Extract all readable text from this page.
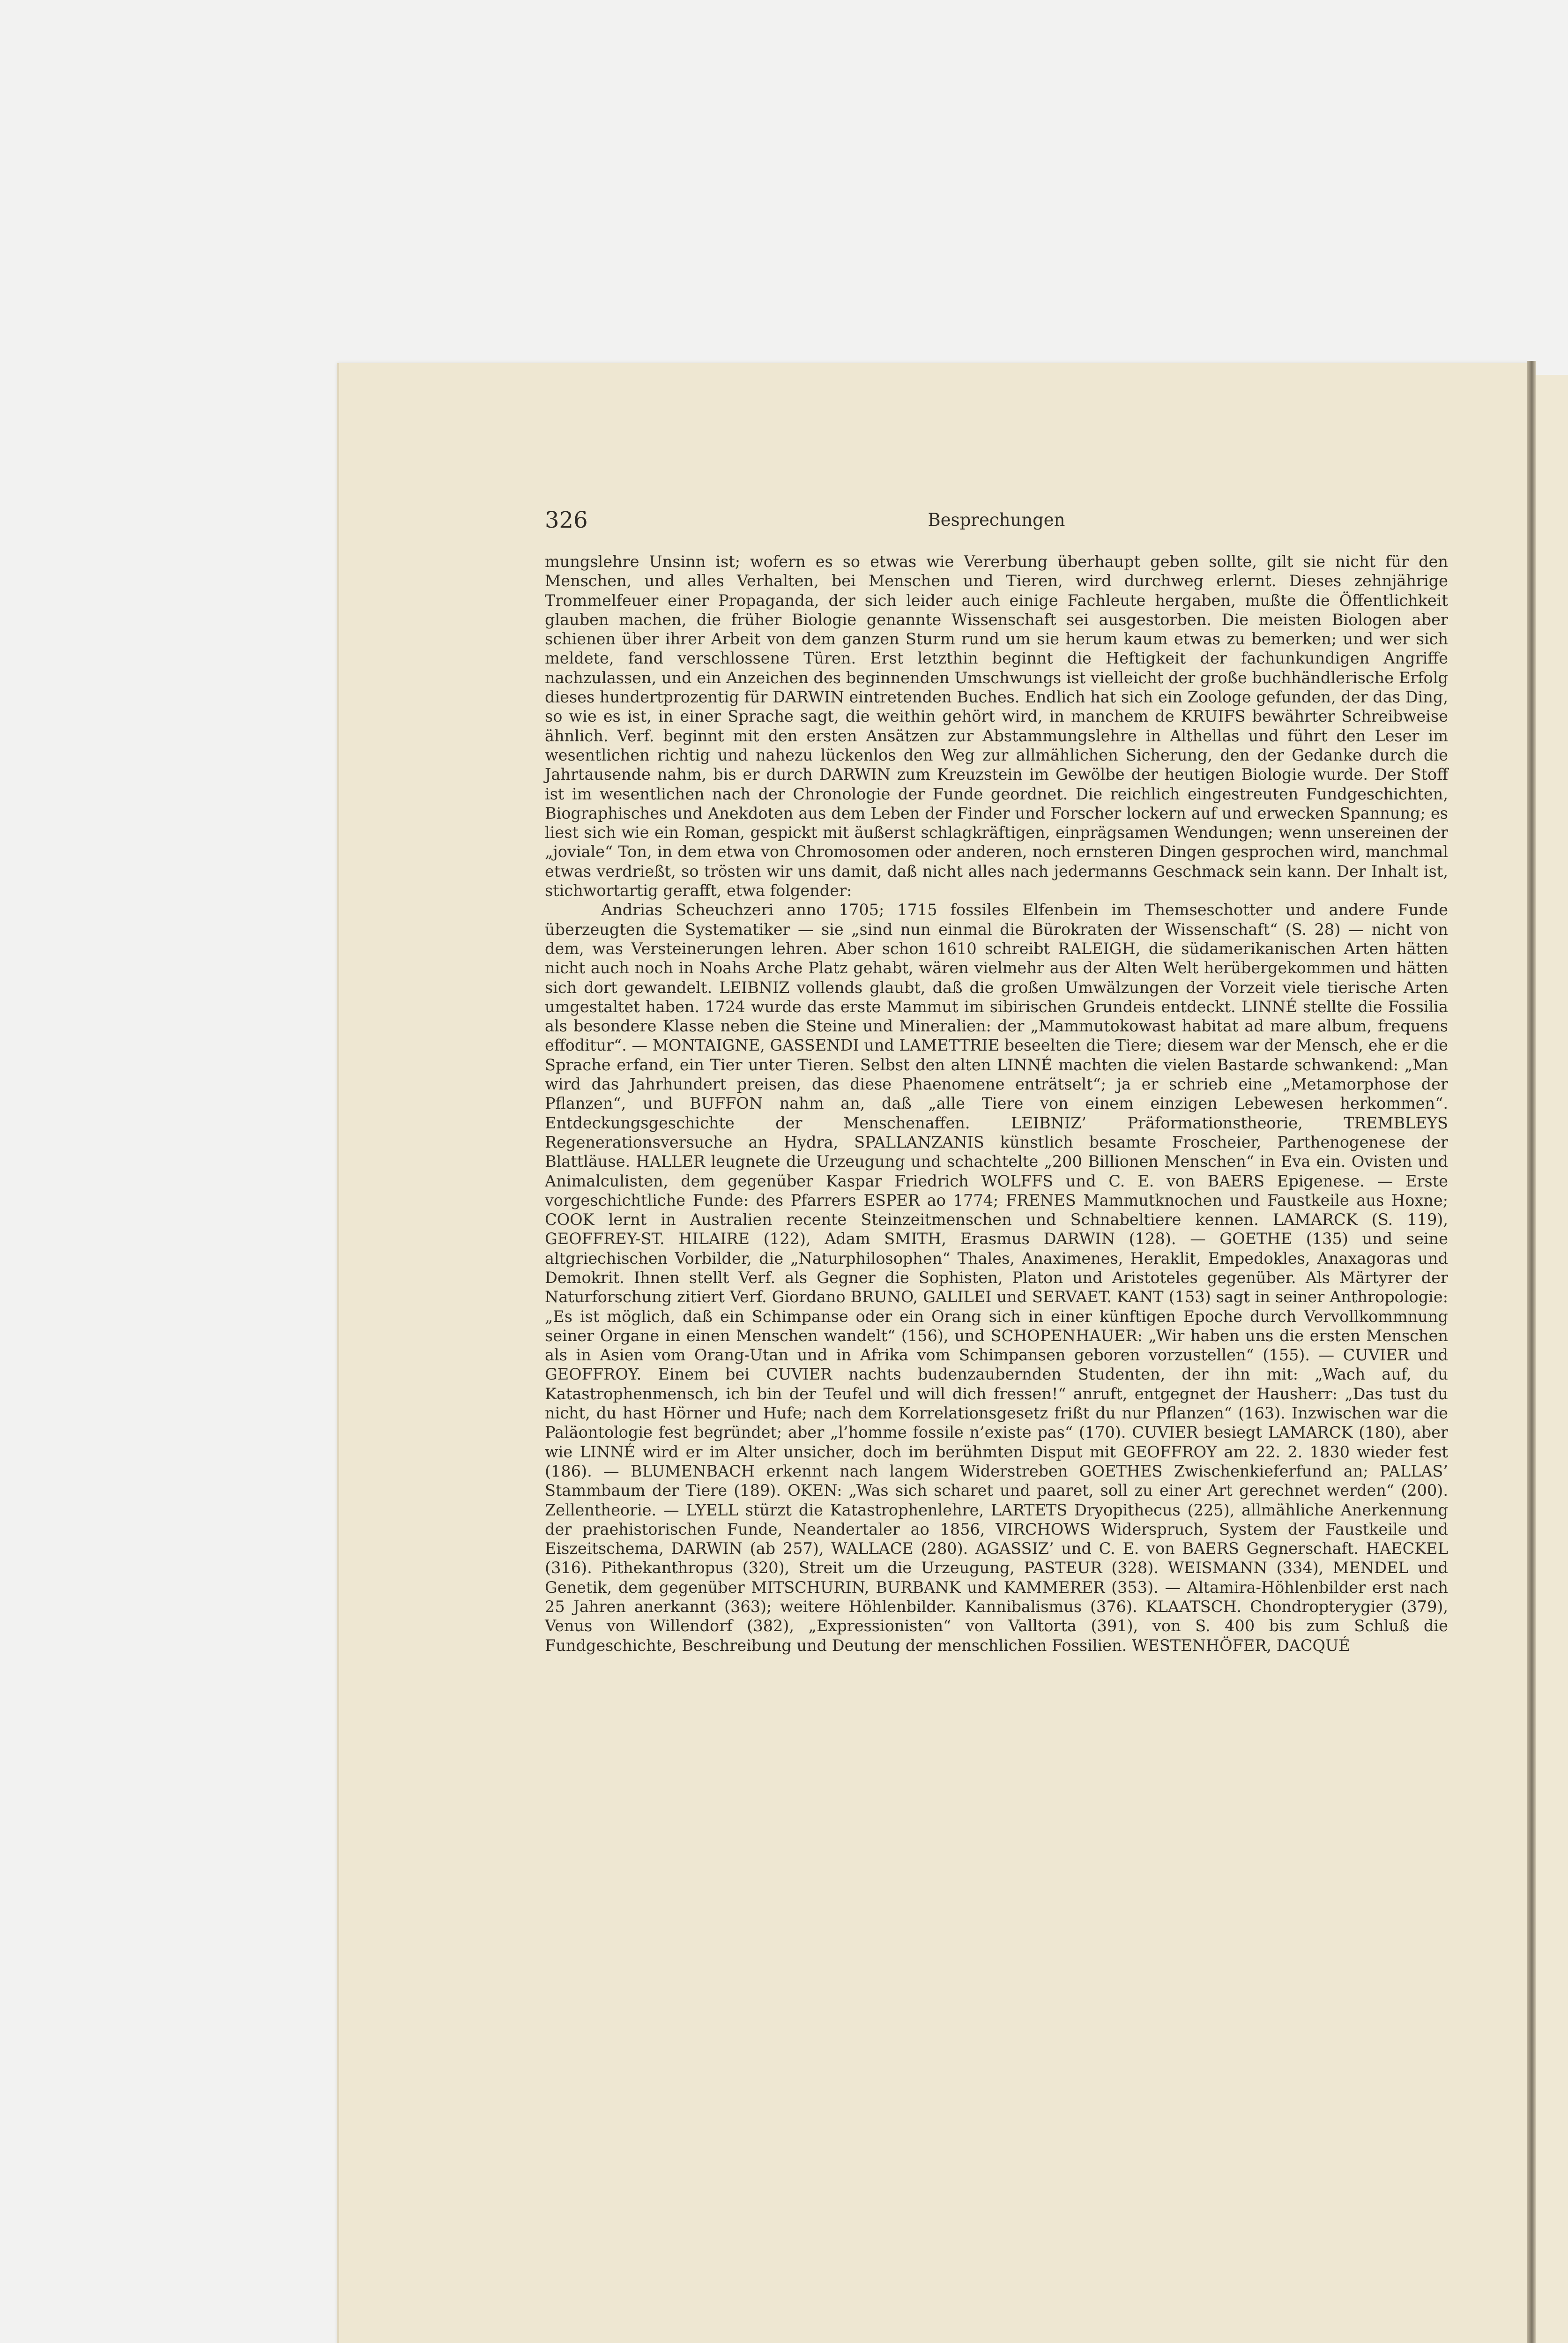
326	Besprechungen

mungslehre Unsinn ist; wofern es so etwas wie Vererbung überhaupt geben sollte, gilt sie nicht für den Menschen, und alles Verhalten, bei Menschen und Tieren, wird durchweg erlernt. Dieses zehnjährige Trommelfeuer einer Propaganda, der sich leider auch einige Fachleute hergaben, mußte die Öffentlichkeit glauben machen, die früher Biologie genannte Wissenschaft sei ausgestorben. Die meisten Biologen aber schienen über ihrer Arbeit von dem ganzen Sturm rund um sie herum kaum etwas zu bemerken; und wer sich meldete, fand verschlossene Türen. Erst letzthin beginnt die Heftigkeit der fachunkundigen Angriffe nachzulassen, und ein Anzeichen des beginnenden Umschwungs ist vielleicht der große buchhändlerische Erfolg dieses hundertprozentig für DARWIN eintretenden Buches. Endlich hat sich ein Zoologe gefunden, der das Ding, so wie es ist, in einer Sprache sagt, die weithin gehört wird, in manchem de KRUIFS bewährter Schreibweise ähnlich. Verf. beginnt mit den ersten Ansätzen zur Abstammungslehre in Althellas und führt den Leser im wesentlichen richtig und nahezu lückenlos den Weg zur allmählichen Sicherung, den der Gedanke durch die Jahrtausende nahm, bis er durch DARWIN zum Kreuzstein im Gewölbe der heutigen Biologie wurde. Der Stoff ist im wesentlichen nach der Chronologie der Funde geordnet. Die reichlich eingestreuten Fundgeschichten, Biographisches und Anekdoten aus dem Leben der Finder und Forscher lockern auf und erwecken Spannung; es liest sich wie ein Roman, gespickt mit äußerst schlagkräftigen, einprägsamen Wendungen; wenn unsereinen der „joviale“ Ton, in dem etwa von Chromosomen oder anderen, noch ernsteren Dingen gesprochen wird, manchmal etwas verdrießt, so trösten wir uns damit, daß nicht alles nach jedermanns Geschmack sein kann. Der Inhalt ist, stichwortartig gerafft, etwa folgender:

Andrias Scheuchzeri anno 1705; 1715 fossiles Elfenbein im Themseschotter und andere Funde überzeugten die Systematiker — sie „sind nun einmal die Bürokraten der Wissenschaft“ (S. 28) — nicht von dem, was Versteinerungen lehren. Aber schon 1610 schreibt RALEIGH, die südamerikanischen Arten hätten nicht auch noch in Noahs Arche Platz gehabt, wären vielmehr aus der Alten Welt herübergekommen und hätten sich dort gewandelt. LEIBNIZ vollends glaubt, daß die großen Umwälzungen der Vorzeit viele tierische Arten umgestaltet haben. 1724 wurde das erste Mammut im sibirischen Grundeis entdeckt. LINNÉ stellte die Fossilia als besondere Klasse neben die Steine und Mineralien: der „Mammutokowast habitat ad mare album, frequens effoditur“. — MONTAIGNE, GASSENDI und LAMETTRIE beseelten die Tiere; diesem war der Mensch, ehe er die Sprache erfand, ein Tier unter Tieren. Selbst den alten LINNÉ machten die vielen Bastarde schwankend: „Man wird das Jahrhundert preisen, das diese Phaenomene enträtselt“; ja er schrieb eine „Metamorphose der Pflanzen“, und BUFFON nahm an, daß „alle Tiere von einem einzigen Lebewesen herkommen“. Entdeckungsgeschichte der Menschenaffen. LEIBNIZ’ Präformationstheorie, TREMBLEYS Regenerationsversuche an Hydra, SPALLANZANIS künstlich besamte Froscheier, Parthenogenese der Blattläuse. HALLER leugnete die Urzeugung und schachtelte „200 Billionen Menschen“ in Eva ein. Ovisten und Animalculisten, dem gegenüber Kaspar Friedrich WOLFFS und C. E. von BAERS Epigenese. — Erste vorgeschichtliche Funde: des Pfarrers ESPER ao 1774; FRENES Mammutknochen und Faustkeile aus Hoxne; COOK lernt in Australien recente Steinzeitmenschen und Schnabeltiere kennen. LAMARCK (S. 119), GEOFFREY-ST. HILAIRE (122), Adam SMITH, Erasmus DARWIN (128). — GOETHE (135) und seine altgriechischen Vorbilder, die „Naturphilosophen“ Thales, Anaximenes, Heraklit, Empedokles, Anaxagoras und Demokrit. Ihnen stellt Verf. als Gegner die Sophisten, Platon und Aristoteles gegenüber. Als Märtyrer der Naturforschung zitiert Verf. Giordano BRUNO, GALILEI und SERVAET. KANT (153) sagt in seiner Anthropologie: „Es ist möglich, daß ein Schimpanse oder ein Orang sich in einer künftigen Epoche durch Vervollkommnung seiner Organe in einen Menschen wandelt“ (156), und SCHOPENHAUER: „Wir haben uns die ersten Menschen als in Asien vom Orang-Utan und in Afrika vom Schimpansen geboren vorzustellen“ (155). — CUVIER und GEOFFROY. Einem bei CUVIER nachts budenzaubernden Studenten, der ihn mit: „Wach auf, du Katastrophenmensch, ich bin der Teufel und will dich fressen!“ anruft, entgegnet der Hausherr: „Das tust du nicht, du hast Hörner und Hufe; nach dem Korrelationsgesetz frißt du nur Pflanzen“ (163). Inzwischen war die Paläontologie fest begründet; aber „l’homme fossile n’existe pas“ (170). CUVIER besiegt LAMARCK (180), aber wie LINNÉ wird er im Alter unsicher, doch im berühmten Disput mit GEOFFROY am 22. 2. 1830 wieder fest (186). — BLUMENBACH erkennt nach langem Widerstreben GOETHES Zwischenkieferfund an; PALLAS’ Stammbaum der Tiere (189). OKEN: „Was sich scharet und paaret, soll zu einer Art gerechnet werden“ (200). Zellentheorie. — LYELL stürzt die Katastrophenlehre, LARTETS Dryopithecus (225), allmähliche Anerkennung der praehistorischen Funde, Neandertaler ao 1856, VIRCHOWS Widerspruch, System der Faustkeile und Eiszeitschema, DARWIN (ab 257), WALLACE (280). AGASSIZ’ und C. E. von BAERS Gegnerschaft. HAECKEL (316). Pithekanthropus (320), Streit um die Urzeugung, PASTEUR (328). WEISMANN (334), MENDEL und Genetik, dem gegenüber MITSCHURIN, BURBANK und KAMMERER (353). — Altamira-Höhlenbilder erst nach 25 Jahren anerkannt (363); weitere Höhlenbilder. Kannibalismus (376). KLAATSCH. Chondropterygier (379), Venus von Willendorf (382), „Expressionisten“ von Valltorta (391), von S. 400 bis zum Schluß die Fundgeschichte, Beschreibung und Deutung der menschlichen Fossilien. WESTENHÖFER, DACQUÉ
